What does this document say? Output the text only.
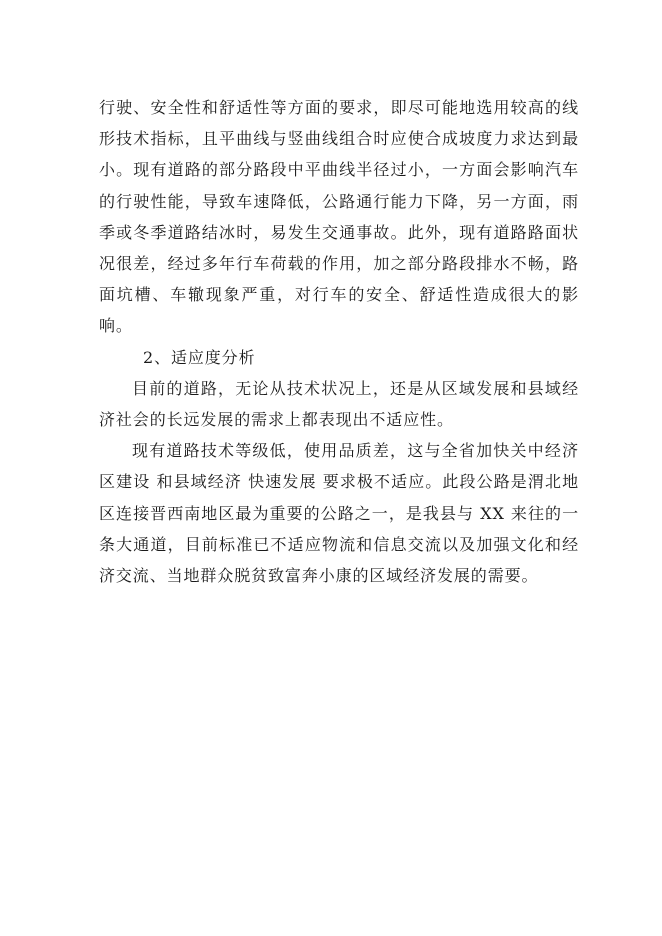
行驶、安全性和舒适性等方面的要求，即尽可能地选用较高的线形技术指标，且平曲线与竖曲线组合时应使合成坡度力求达到最小。现有道路的部分路段中平曲线半径过小，一方面会影响汽车的行驶性能，导致车速降低，公路通行能力下降，另一方面，雨季或冬季道路结冰时，易发生交通事故。此外，现有道路路面状况很差，经过多年行车荷载的作用，加之部分路段排水不畅，路面坑槽、车辙现象严重，对行车的安全、舒适性造成很大的影响。

2、适应度分析

目前的道路，无论从技术状况上，还是从区域发展和县域经济社会的长远发展的需求上都表现出不适应性。

现有道路技术等级低，使用品质差，这与全省加快关中经济区建设 和县域经济 快速发展 要求极不适应。此段公路是渭北地区连接晋西南地区最为重要的公路之一，是我县与 XX 来往的一条大通道，目前标准已不适应物流和信息交流以及加强文化和经济交流、当地群众脱贫致富奔小康的区域经济发展的需要。
